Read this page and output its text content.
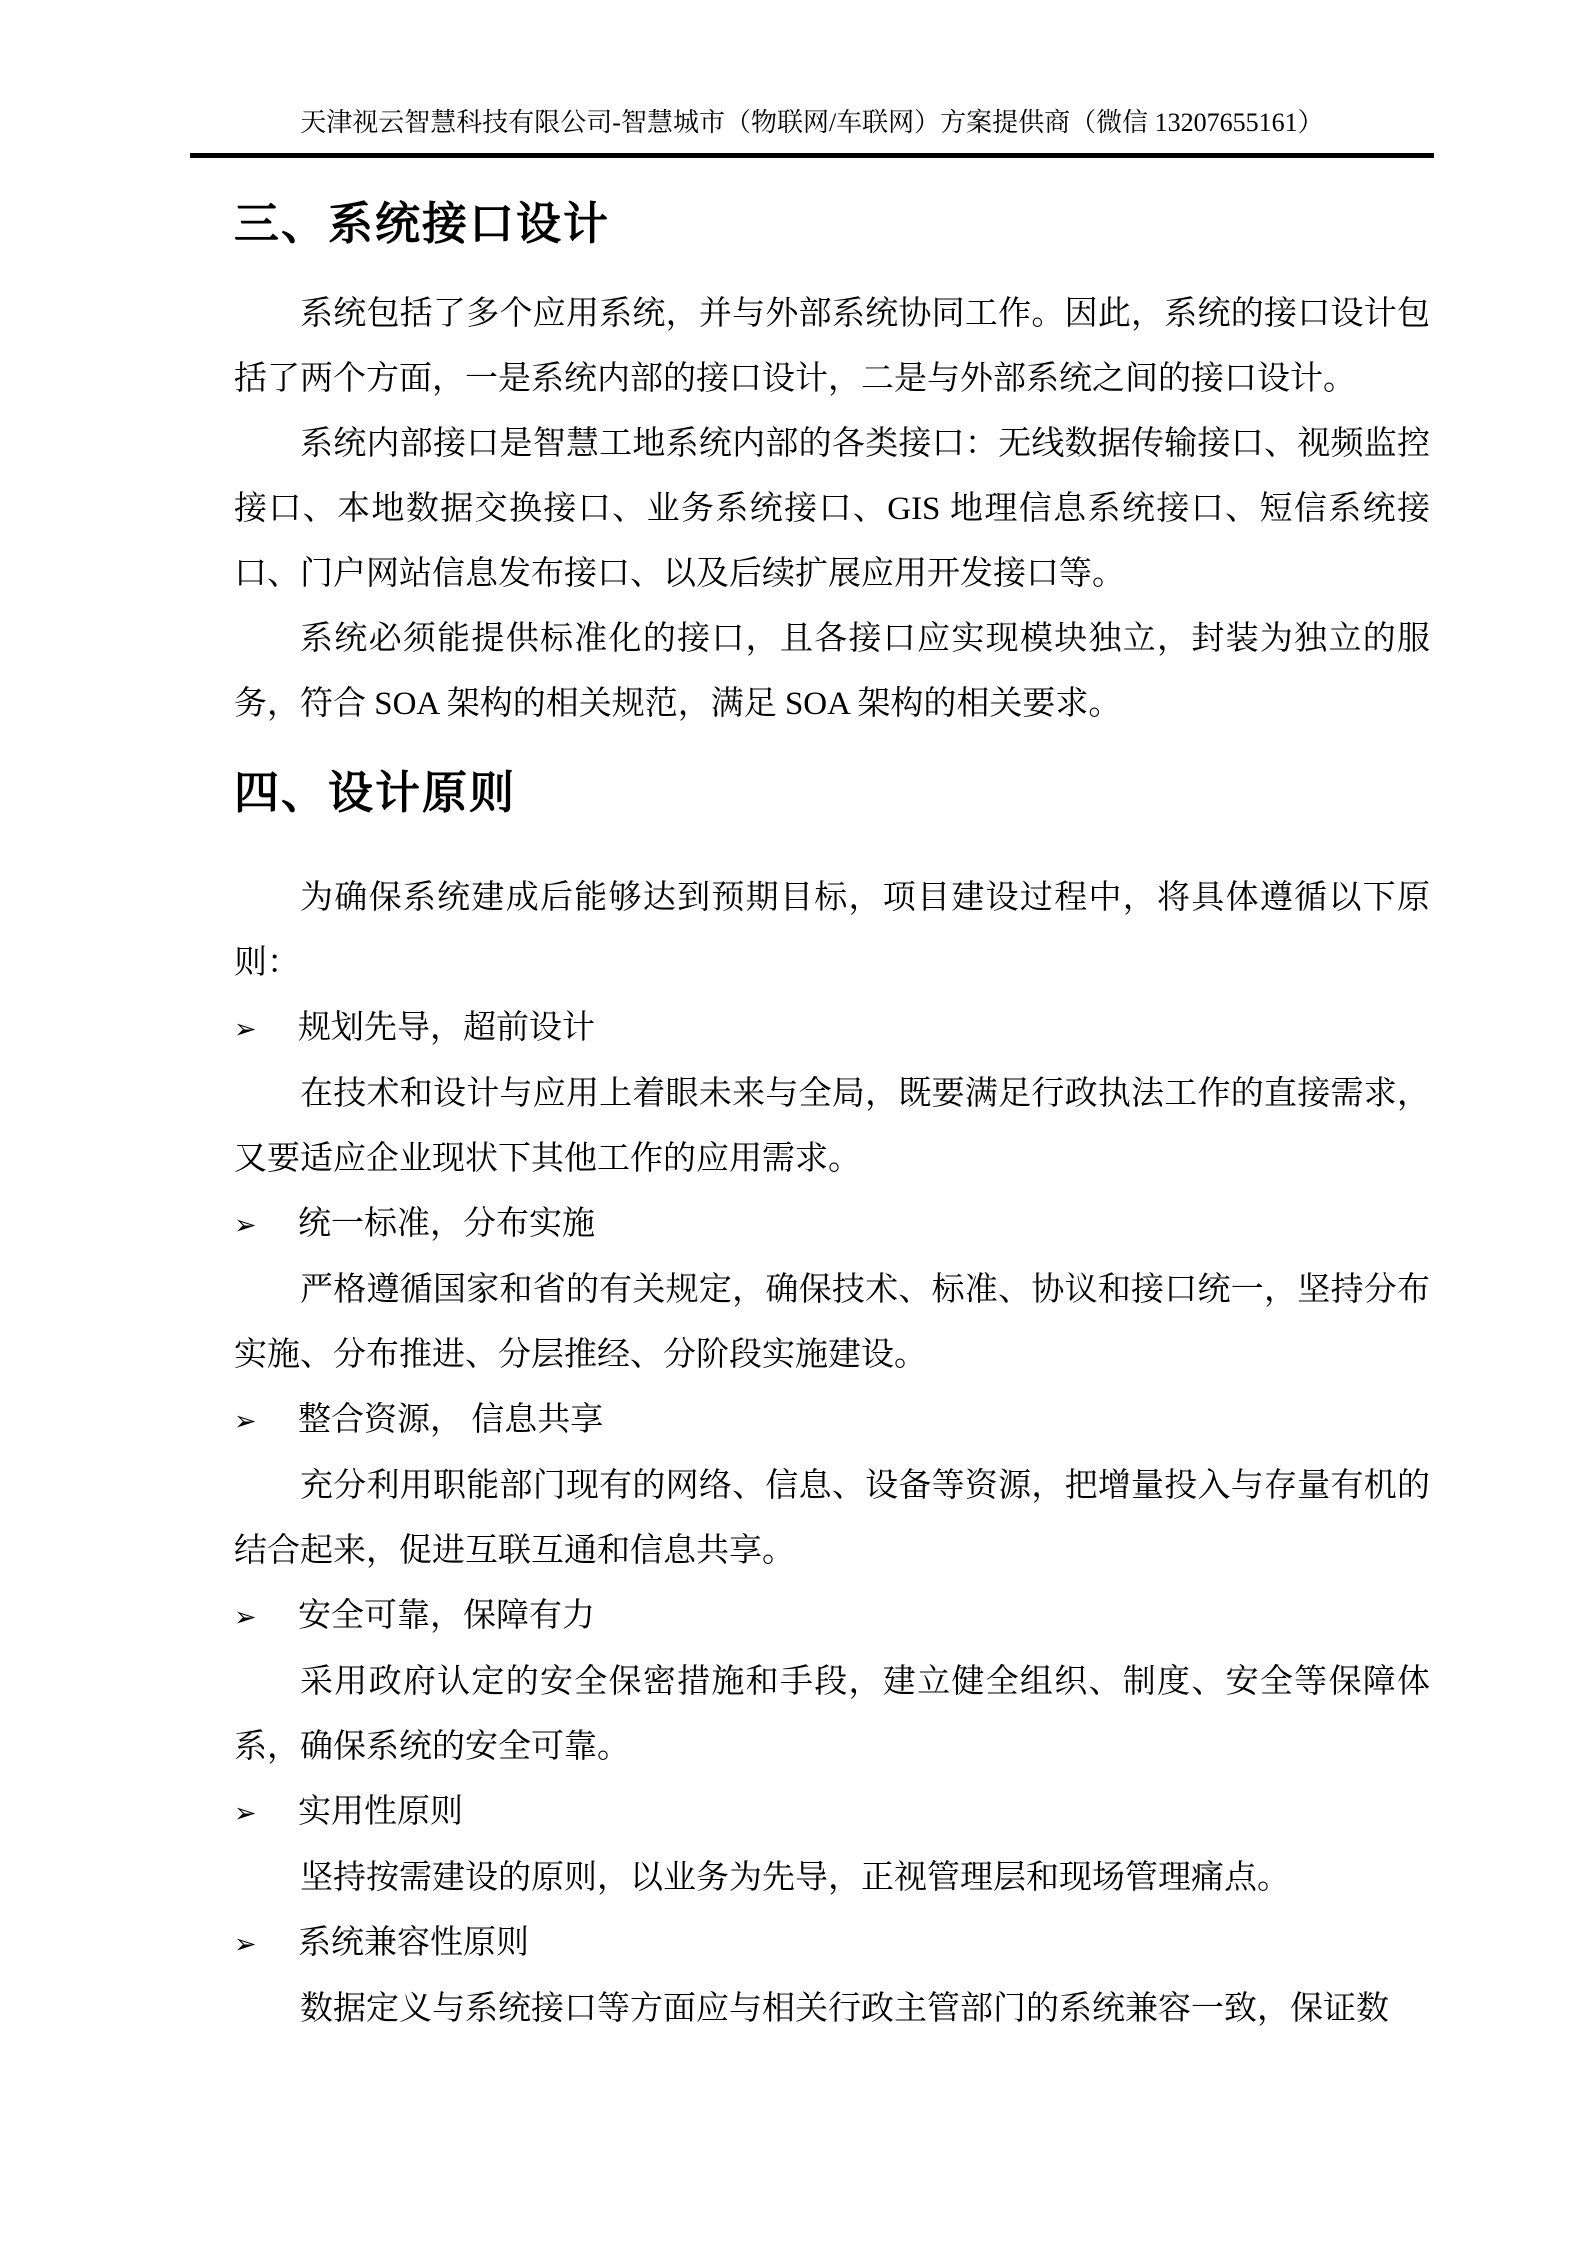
天津视云智慧科技有限公司-智慧城市（物联网/车联网）方案提供商（微信 13207655161）
三、系统接口设计

系统包括了多个应用系统，并与外部系统协同工作。因此，系统的接口设计包括了两个方面，一是系统内部的接口设计，二是与外部系统之间的接口设计。

系统内部接口是智慧工地系统内部的各类接口：无线数据传输接口、视频监控接口、本地数据交换接口、业务系统接口、GIS 地理信息系统接口、短信系统接口、门户网站信息发布接口、以及后续扩展应用开发接口等。

系统必须能提供标准化的接口，且各接口应实现模块独立，封装为独立的服务，符合 SOA 架构的相关规范，满足 SOA 架构的相关要求。

四、设计原则

为确保系统建成后能够达到预期目标，项目建设过程中，将具体遵循以下原则：

➢ 规划先导，超前设计

在技术和设计与应用上着眼未来与全局，既要满足行政执法工作的直接需求，又要适应企业现状下其他工作的应用需求。

➢ 统一标准，分布实施

严格遵循国家和省的有关规定，确保技术、标准、协议和接口统一，坚持分布实施、分布推进、分层推经、分阶段实施建设。

➢ 整合资源， 信息共享

充分利用职能部门现有的网络、信息、设备等资源，把增量投入与存量有机的结合起来，促进互联互通和信息共享。

➢ 安全可靠，保障有力

采用政府认定的安全保密措施和手段，建立健全组织、制度、安全等保障体系，确保系统的安全可靠。

➢ 实用性原则

坚持按需建设的原则，以业务为先导，正视管理层和现场管理痛点。

➢ 系统兼容性原则

数据定义与系统接口等方面应与相关行政主管部门的系统兼容一致，保证数
